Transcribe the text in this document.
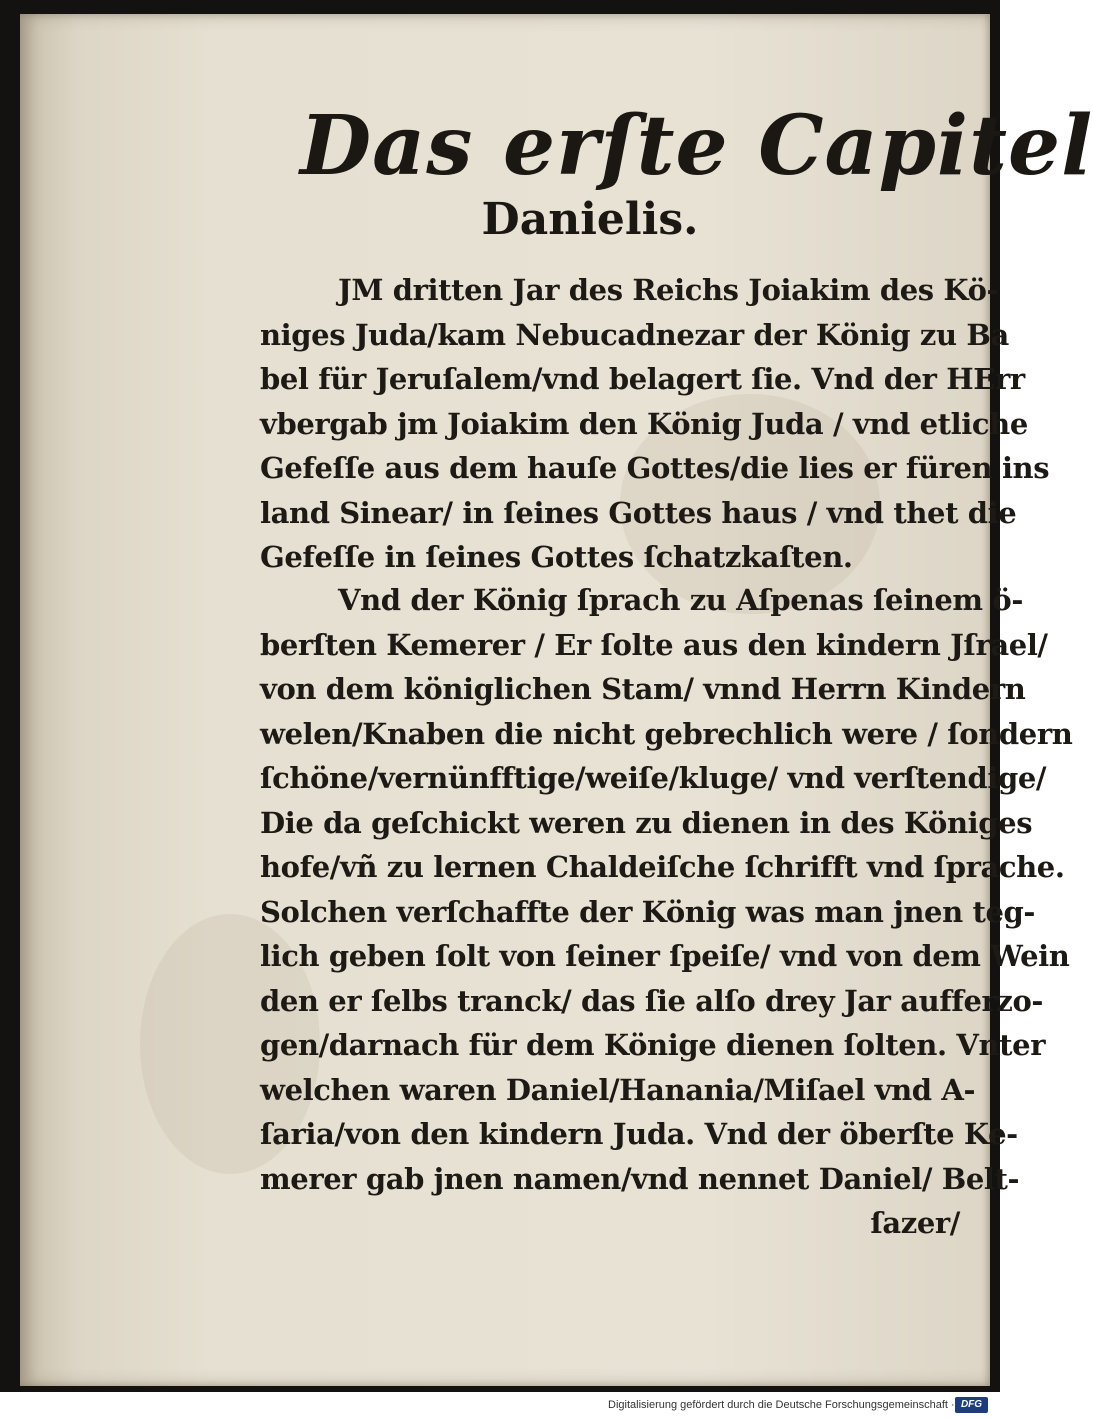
Das erſte Capitel
Danielis.
JM dritten Jar des Reichs Joiakim des Kö-
niges Juda/kam Nebucadnezar der König zu Ba
bel für Jeruſalem/vnd belagert ſie. Vnd der HErr
vbergab jm Joiakim den König Juda / vnd etliche
Gefeſſe aus dem hauſe Gottes/die lies er füren ins
land Sinear/ in ſeines Gottes haus / vnd thet die
Gefeſſe in ſeines Gottes ſchatzkaſten.
Vnd der König ſprach zu Aſpenas ſeinem ö-
berſten Kemerer / Er ſolte aus den kindern Jſrael/
von dem königlichen Stam/ vnnd Herrn Kindern
welen/Knaben die nicht gebrechlich were / ſondern
ſchöne/vernünfftige/weiſe/kluge/ vnd verſtendige/
Die da geſchickt weren zu dienen in des Königes
hofe/vñ zu lernen Chaldeiſche ſchrifft vnd ſprache.
Solchen verſchaffte der König was man jnen teg-
lich geben ſolt von ſeiner ſpeiſe/ vnd von dem Wein
den er ſelbs tranck/ das ſie alſo drey Jar aufferzo-
gen/darnach für dem Könige dienen ſolten. Vnter
welchen waren Daniel/Hanania/Miſael vnd A-
ſaria/von den kindern Juda. Vnd der öberſte Ke-
merer gab jnen namen/vnd nennet Daniel/ Belt-
ſazer/
Digitalisierung gefördert durch die Deutsche Forschungsgemeinschaft · DFG
